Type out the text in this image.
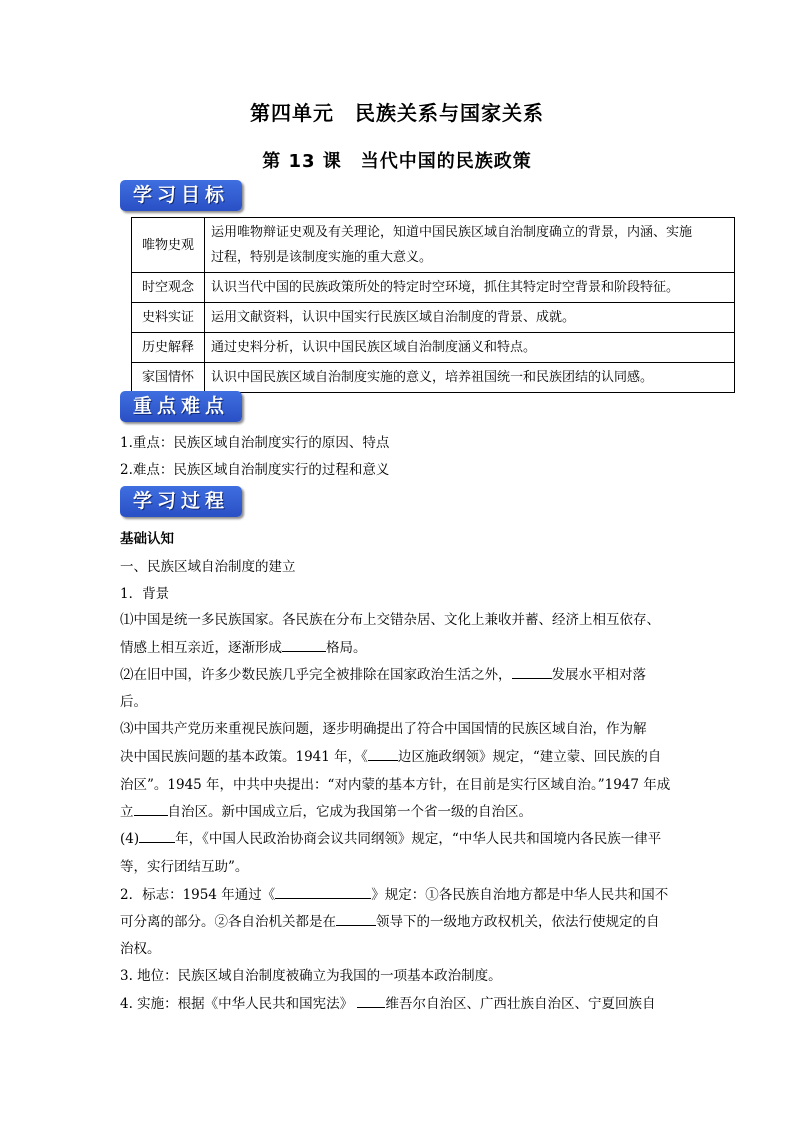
第四单元　民族关系与国家关系
第 13 课　当代中国的民族政策
学习目标
唯物史观	运用唯物辩证史观及有关理论，知道中国民族区域自治制度确立的背景，内涵、实施
过程，特别是该制度实施的重大意义。
时空观念	认识当代中国的民族政策所处的特定时空环境，抓住其特定时空背景和阶段特征。
史料实证	运用文献资料，认识中国实行民族区域自治制度的背景、成就。
历史解释	通过史料分析，认识中国民族区域自治制度涵义和特点。
家国情怀	认识中国民族区域自治制度实施的意义，培养祖国统一和民族团结的认同感。
重点难点
1.重点：民族区域自治制度实行的原因、特点
2.难点：民族区域自治制度实行的过程和意义
学习过程
基础认知
一、民族区域自治制度的建立
1．背景
⑴中国是统一多民族国家。各民族在分布上交错杂居、文化上兼收并蓄、经济上相互依存、
情感上相互亲近，逐渐形成	格局。
⑵在旧中国，许多少数民族几乎完全被排除在国家政治生活之外，	发展水平相对落
后。
⑶中国共产党历来重视民族问题，逐步明确提出了符合中国国情的民族区域自治，作为解
决中国民族问题的基本政策。1941 年，《 边区施政纲领》规定，“建立蒙、回民族的自
治区”。1945 年，中共中央提出：“对内蒙的基本方针，在目前是实行区域自治。”1947 年成
立	自治区。新中国成立后，它成为我国第一个省一级的自治区。
(4)	年，《中国人民政治协商会议共同纲领》规定，“中华人民共和国境内各民族一律平
等，实行团结互助”。
2．标志：1954 年通过《	》规定：①各民族自治地方都是中华人民共和国不
可分离的部分。②各自治机关都是在	领导下的一级地方政权机关，依法行使规定的自
治权。
3. 地位：民族区域自治制度被确立为我国的一项基本政治制度。
4. 实施：根据《中华人民共和国宪法》 维吾尔自治区、广西壮族自治区、宁夏回族自
